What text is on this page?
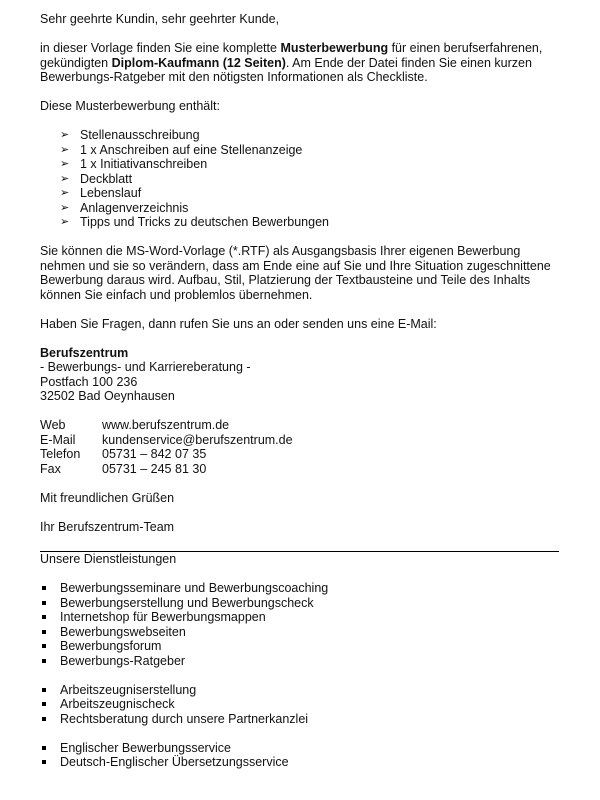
Sehr geehrte Kundin, sehr geehrter Kunde,

in dieser Vorlage finden Sie eine komplette Musterbewerbung für einen berufserfahrenen, gekündigten Diplom-Kaufmann (12 Seiten). Am Ende der Datei finden Sie einen kurzen Bewerbungs-Ratgeber mit den nötigsten Informationen als Checkliste.

Diese Musterbewerbung enthält:

➢ Stellenausschreibung
➢ 1 x Anschreiben auf eine Stellenanzeige
➢ 1 x Initiativanschreiben
➢ Deckblatt
➢ Lebenslauf
➢ Anlagenverzeichnis
➢ Tipps und Tricks zu deutschen Bewerbungen

Sie können die MS-Word-Vorlage (*.RTF) als Ausgangsbasis Ihrer eigenen Bewerbung nehmen und sie so verändern, dass am Ende eine auf Sie und Ihre Situation zugeschnittene Bewerbung daraus wird. Aufbau, Stil, Platzierung der Textbausteine und Teile des Inhalts können Sie einfach und problemlos übernehmen.

Haben Sie Fragen, dann rufen Sie uns an oder senden uns eine E-Mail:

Berufszentrum

- Bewerbungs- und Karriereberatung -

Postfach 100 236

32502 Bad Oeynhausen

Web	www.berufszentrum.de
E-Mail	kundenservice@berufszentrum.de
Telefon	05731 – 842 07 35
Fax	05731 – 245 81 30

Mit freundlichen Grüßen

Ihr Berufszentrum-Team

Unsere Dienstleistungen

Bewerbungsseminare und Bewerbungscoaching
Bewerbungserstellung und Bewerbungscheck
Internetshop für Bewerbungsmappen
Bewerbungswebseiten
Bewerbungsforum
Bewerbungs-Ratgeber
Arbeitszeugniserstellung
Arbeitszeugnischeck
Rechtsberatung durch unsere Partnerkanzlei
Englischer Bewerbungsservice
Deutsch-Englischer Übersetzungsservice
